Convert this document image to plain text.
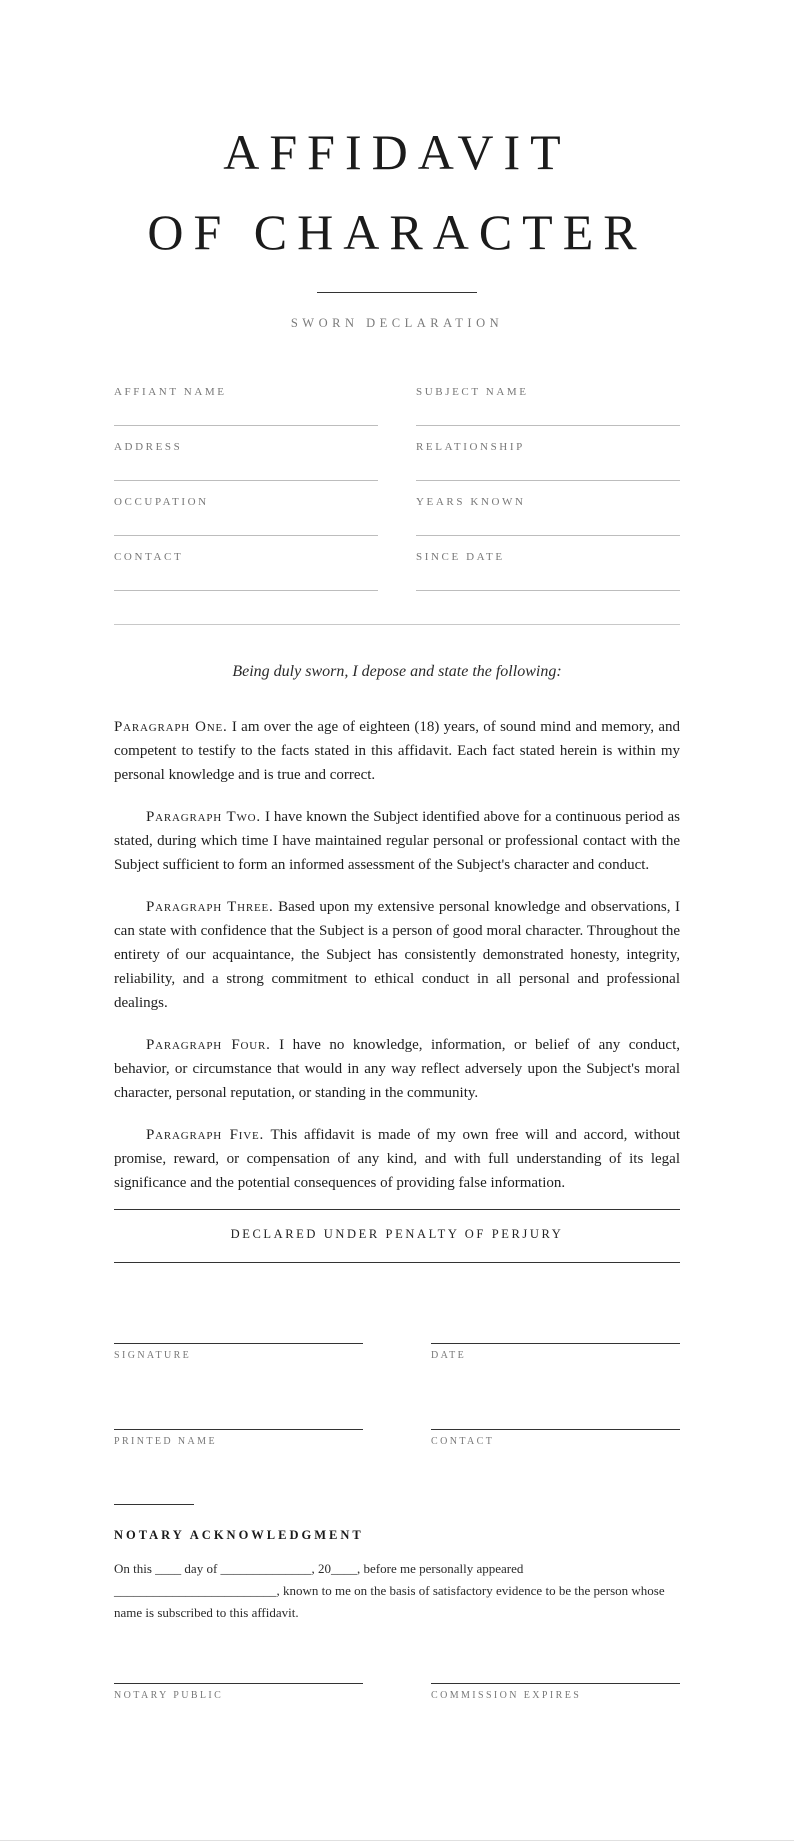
AFFIDAVIT
OF CHARACTER
SWORN DECLARATION
AFFIANT NAME	SUBJECT NAME
ADDRESS	RELATIONSHIP
OCCUPATION	YEARS KNOWN
CONTACT	SINCE DATE
Being duly sworn, I depose and state the following:

Paragraph One. I am over the age of eighteen (18) years, of sound mind and memory, and competent to testify to the facts stated in this affidavit. Each fact stated herein is within my personal knowledge and is true and correct.

Paragraph Two. I have known the Subject identified above for a continuous period as stated, during which time I have maintained regular personal or professional contact with the Subject sufficient to form an informed assessment of the Subject's character and conduct.

Paragraph Three. Based upon my extensive personal knowledge and observations, I can state with confidence that the Subject is a person of good moral character. Throughout the entirety of our acquaintance, the Subject has consistently demonstrated honesty, integrity, reliability, and a strong commitment to ethical conduct in all personal and professional dealings.

Paragraph Four. I have no knowledge, information, or belief of any conduct, behavior, or circumstance that would in any way reflect adversely upon the Subject's moral character, personal reputation, or standing in the community.

Paragraph Five. This affidavit is made of my own free will and accord, without promise, reward, or compensation of any kind, and with full understanding of its legal significance and the potential consequences of providing false information.

DECLARED UNDER PENALTY OF PERJURY
SIGNATURE	DATE
PRINTED NAME	CONTACT
NOTARY ACKNOWLEDGMENT
On this ____ day of ______________, 20____, before me personally appeared _________________________, known to me on the basis of satisfactory evidence to be the person whose name is subscribed to this affidavit.
NOTARY PUBLIC	COMMISSION EXPIRES
